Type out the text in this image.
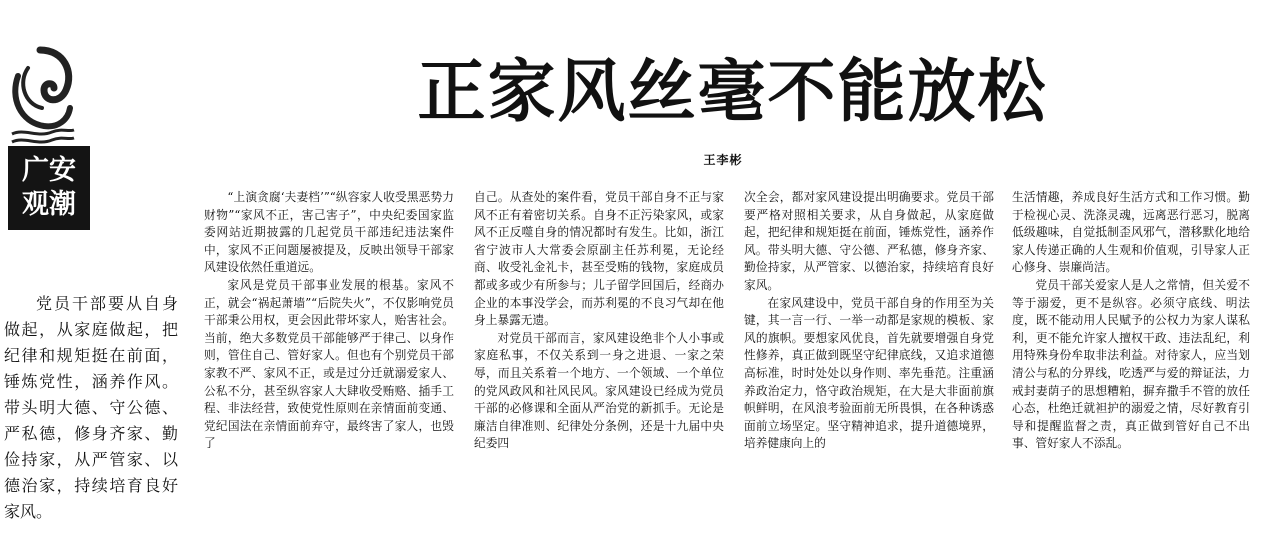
广安
观潮
正家风丝毫不能放松
王李彬

党员干部要从自身做起，从家庭做起，把纪律和规矩挺在前面，锤炼党性，涵养作风。带头明大德、守公德、严私德，修身齐家、勤俭持家，从严管家、以德治家，持续培育良好家风。

“上演贪腐‘夫妻档’”“纵容家人收受黑恶势力财物”“家风不正，害己害子”，中央纪委国家监委网站近期披露的几起党员干部违纪违法案件中，家风不正问题屡被提及，反映出领导干部家风建设依然任重道远。

家风是党员干部事业发展的根基。家风不正，就会“祸起萧墙”“后院失火”，不仅影响党员干部秉公用权，更会因此带坏家人，贻害社会。当前，绝大多数党员干部能够严于律己、以身作则，管住自己、管好家人。但也有个别党员干部家教不严、家风不正，或是过分迁就溺爱家人、公私不分，甚至纵容家人大肆收受贿赂、插手工程、非法经营，致使党性原则在亲情面前变通、党纪国法在亲情面前弃守，最终害了家人，也毁了

自己。从查处的案件看，党员干部自身不正与家风不正有着密切关系。自身不正污染家风，或家风不正反噬自身的情况都时有发生。比如，浙江省宁波市人大常委会原副主任苏利冕，无论经商、收受礼金礼卡，甚至受贿的钱物，家庭成员都或多或少有所参与；儿子留学回国后，经商办企业的本事没学会，而苏利冕的不良习气却在他身上暴露无遗。

对党员干部而言，家风建设绝非个人小事或家庭私事，不仅关系到一身之进退、一家之荣辱，而且关系着一个地方、一个领域、一个单位的党风政风和社风民风。家风建设已经成为党员干部的必修课和全面从严治党的新抓手。无论是廉洁自律准则、纪律处分条例，还是十九届中央纪委四

次全会，都对家风建设提出明确要求。党员干部要严格对照相关要求，从自身做起，从家庭做起，把纪律和规矩挺在前面，锤炼党性，涵养作风。带头明大德、守公德、严私德，修身齐家、勤俭持家，从严管家、以德治家，持续培育良好家风。

在家风建设中，党员干部自身的作用至为关键，其一言一行、一举一动都是家规的模板、家风的旗帜。要想家风优良，首先就要增强自身党性修养，真正做到既坚守纪律底线，又追求道德高标准，时时处处以身作则、率先垂范。注重涵养政治定力，恪守政治规矩，在大是大非面前旗帜鲜明，在风浪考验面前无所畏惧，在各种诱惑面前立场坚定。坚守精神追求，提升道德境界，培养健康向上的

生活情趣，养成良好生活方式和工作习惯。勤于检视心灵、洗涤灵魂，远离恶行恶习，脱离低级趣味，自觉抵制歪风邪气，潜移默化地给家人传递正确的人生观和价值观，引导家人正心修身、崇廉尚洁。

党员干部关爱家人是人之常情，但关爱不等于溺爱，更不是纵容。必须守底线、明法度，既不能动用人民赋予的公权力为家人谋私利，更不能允许家人擅权干政、违法乱纪，利用特殊身份牟取非法利益。对待家人，应当划清公与私的分界线，吃透严与爱的辩证法，力戒封妻荫子的思想糟粕，摒弃撒手不管的放任心态，杜绝迁就袒护的溺爱之情，尽好教育引导和提醒监督之责，真正做到管好自己不出事、管好家人不添乱。
